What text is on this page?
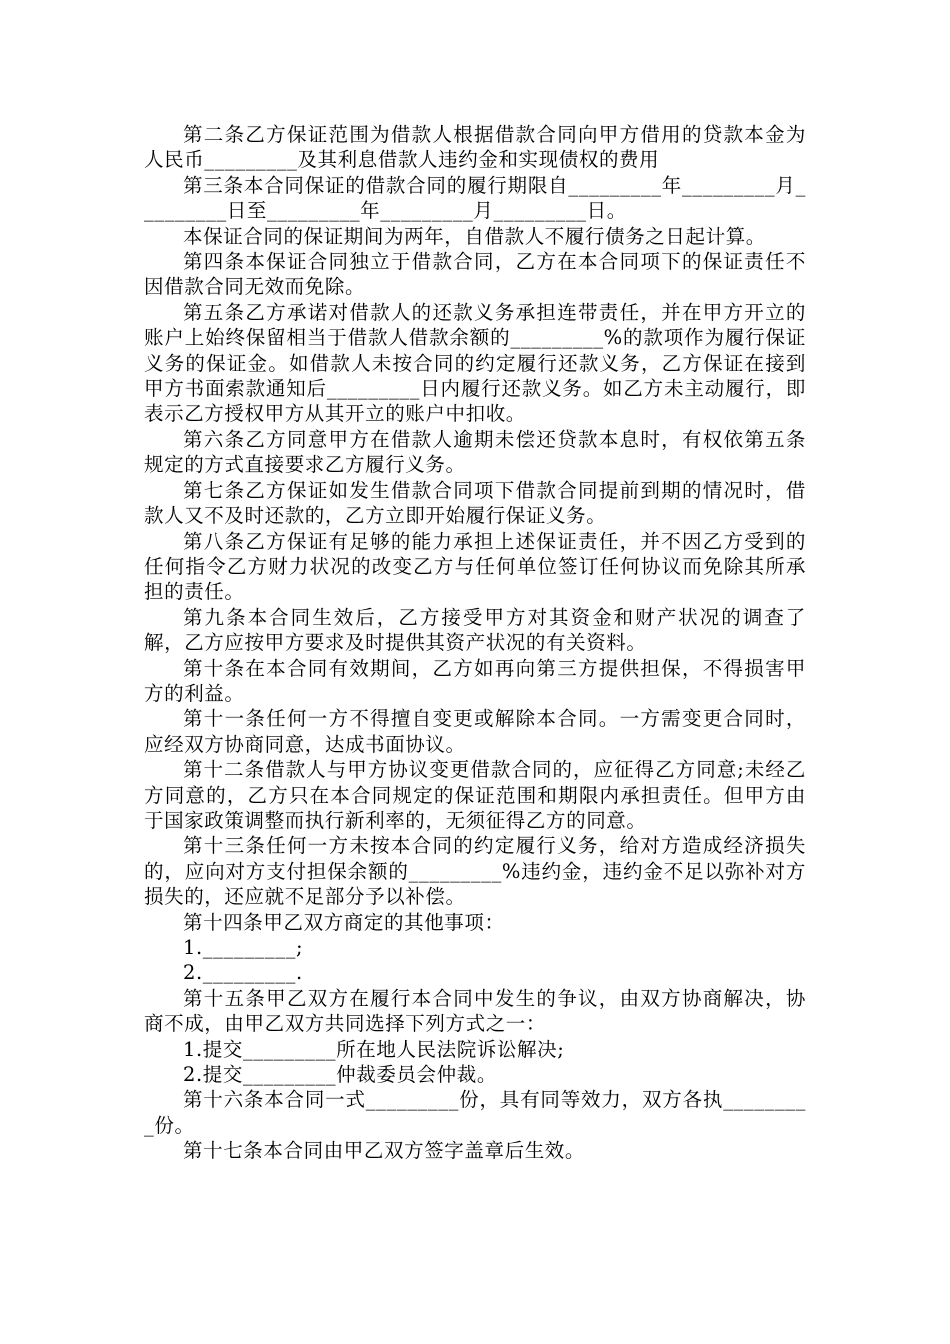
第二条乙方保证范围为借款人根据借款合同向甲方借用的贷款本金为人民币_________及其利息借款人违约金和实现债权的费用

第三条本合同保证的借款合同的履行期限自_________年_________月_________日至_________年_________月_________日。

本保证合同的保证期间为两年，自借款人不履行债务之日起计算。

第四条本保证合同独立于借款合同，乙方在本合同项下的保证责任不因借款合同无效而免除。

第五条乙方承诺对借款人的还款义务承担连带责任，并在甲方开立的账户上始终保留相当于借款人借款余额的_________%的款项作为履行保证义务的保证金。如借款人未按合同的约定履行还款义务，乙方保证在接到甲方书面索款通知后_________日内履行还款义务。如乙方未主动履行，即表示乙方授权甲方从其开立的账户中扣收。

第六条乙方同意甲方在借款人逾期未偿还贷款本息时，有权依第五条规定的方式直接要求乙方履行义务。

第七条乙方保证如发生借款合同项下借款合同提前到期的情况时，借款人又不及时还款的，乙方立即开始履行保证义务。

第八条乙方保证有足够的能力承担上述保证责任，并不因乙方受到的任何指令乙方财力状况的改变乙方与任何单位签订任何协议而免除其所承担的责任。

第九条本合同生效后，乙方接受甲方对其资金和财产状况的调查了解，乙方应按甲方要求及时提供其资产状况的有关资料。

第十条在本合同有效期间，乙方如再向第三方提供担保，不得损害甲方的利益。

第十一条任何一方不得擅自变更或解除本合同。一方需变更合同时，应经双方协商同意，达成书面协议。

第十二条借款人与甲方协议变更借款合同的，应征得乙方同意;未经乙方同意的，乙方只在本合同规定的保证范围和期限内承担责任。但甲方由于国家政策调整而执行新利率的，无须征得乙方的同意。

第十三条任何一方未按本合同的约定履行义务，给对方造成经济损失的，应向对方支付担保余额的_________%违约金，违约金不足以弥补对方损失的，还应就不足部分予以补偿。

第十四条甲乙双方商定的其他事项：

1._________;

2._________.

第十五条甲乙双方在履行本合同中发生的争议，由双方协商解决，协商不成，由甲乙双方共同选择下列方式之一：

1.提交_________所在地人民法院诉讼解决;

2.提交_________仲裁委员会仲裁。

第十六条本合同一式_________份，具有同等效力，双方各执_________份。

第十七条本合同由甲乙双方签字盖章后生效。
